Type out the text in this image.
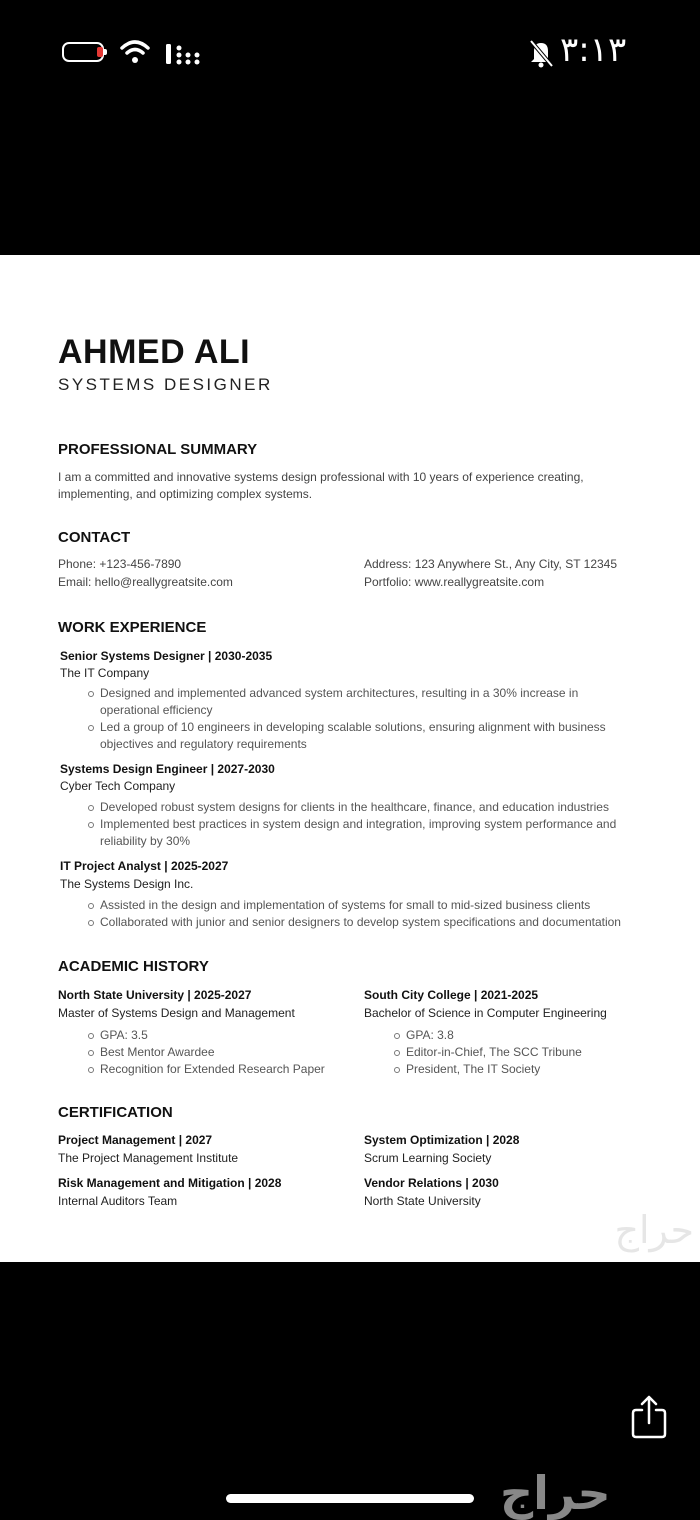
٣:١٣
AHMED ALI
SYSTEMS DESIGNER
PROFESSIONAL SUMMARY
I am a committed and innovative systems design professional with 10 years of experience creating,
implementing, and optimizing complex systems.
CONTACT
Phone: +123-456-7890
Email: hello@reallygreatsite.com
Address: 123 Anywhere St., Any City, ST 12345
Portfolio: www.reallygreatsite.com
WORK EXPERIENCE
Senior Systems Designer | 2030-2035
The IT Company
Designed and implemented advanced system architectures, resulting in a 30% increase in operational efficiency
Led a group of 10 engineers in developing scalable solutions, ensuring alignment with business objectives and regulatory requirements
Systems Design Engineer | 2027-2030
Cyber Tech Company
Developed robust system designs for clients in the healthcare, finance, and education industries
Implemented best practices in system design and integration, improving system performance and reliability by 30%
IT Project Analyst | 2025-2027
The Systems Design Inc.
Assisted in the design and implementation of systems for small to mid-sized business clients
Collaborated with junior and senior designers to develop system specifications and documentation
ACADEMIC HISTORY
North State University | 2025-2027
Master of Systems Design and Management
GPA: 3.5
Best Mentor Awardee
Recognition for Extended Research Paper
South City College | 2021-2025
Bachelor of Science in Computer Engineering
GPA: 3.8
Editor-in-Chief, The SCC Tribune
President, The IT Society
CERTIFICATION
Project Management | 2027
The Project Management Institute
System Optimization | 2028
Scrum Learning Society
Risk Management and Mitigation | 2028
Internal Auditors Team
Vendor Relations | 2030
North State University
حراج
حراج
